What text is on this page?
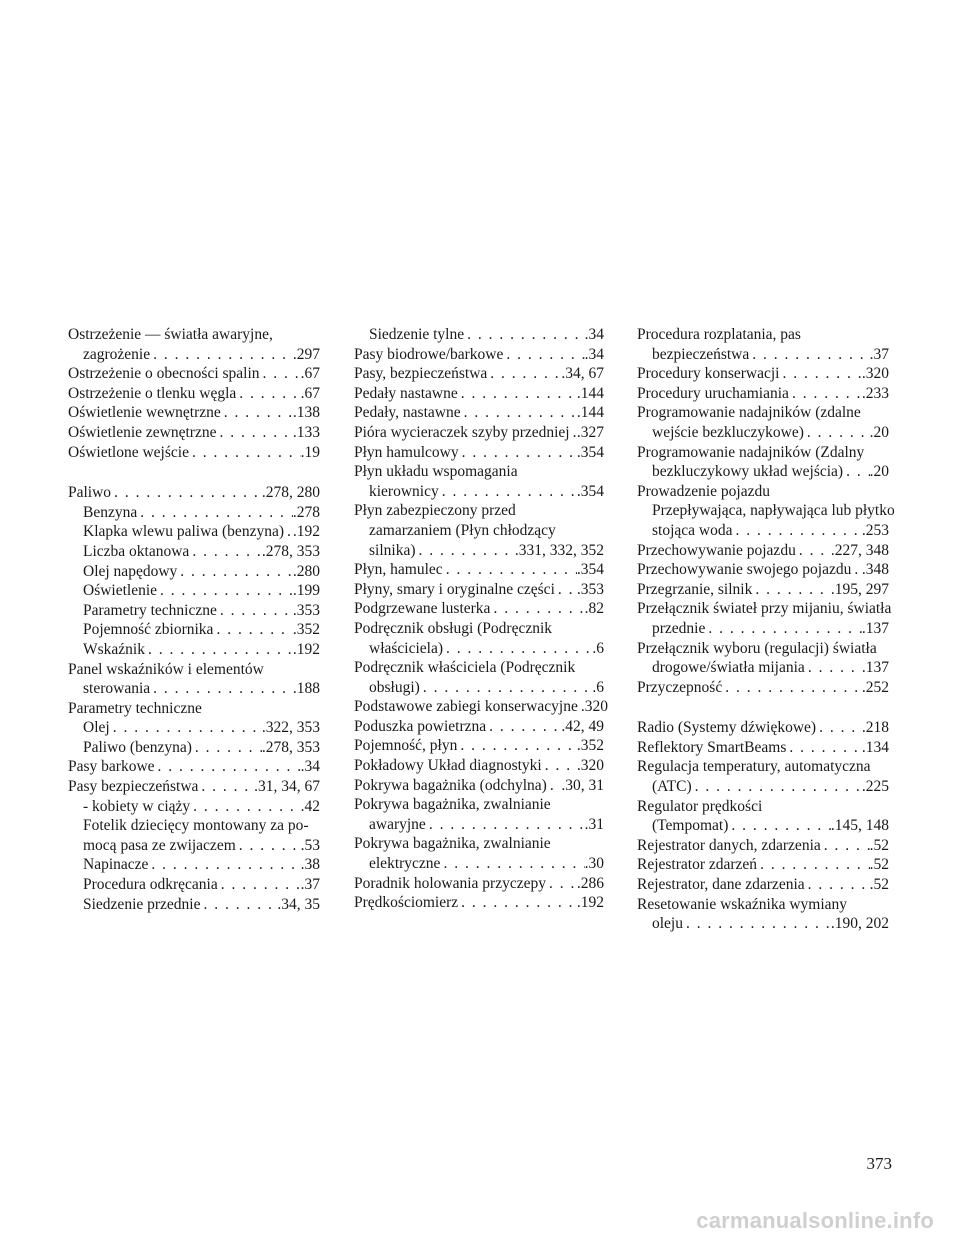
Ostrzeżenie — światła awaryjne,
zagrożenie . . .	.297
Ostrzeżenie o obecności spalin . . .	.67
Ostrzeżenie o tlenku węgla . . .	.67
Oświetlenie wewnętrzne . . .	.138
Oświetlenie zewnętrzne . . .	.133
Oświetlone wejście . . .	.19
Paliwo . . .	.278, 280
Benzyna . . .	.278
Klapka wlewu paliwa (benzyna) . . . .192
Liczba oktanowa . . .	.278, 353
Olej napędowy . . .	.280
Oświetlenie . . .	.199
Parametry techniczne . . .	.353
Pojemność zbiornika . . .	.352
Wskaźnik . . .	.192
Panel wskaźników i elementów
sterowania . . .	.188
Parametry techniczne
Olej . . .	.322, 353
Paliwo (benzyna) . . .	.278, 353
Pasy barkowe . . .	.34
Pasy bezpieczeństwa . . .	.31, 34, 67
- kobiety w ciąży . . .	.42
Fotelik dziecięcy montowany za po-
mocą pasa ze zwijaczem . . .	.53
Napinacze . . .	.38
Procedura odkręcania . . .	.37
Siedzenie przednie . . .	.34, 35
Siedzenie tylne . . .	.34
Pasy biodrowe/barkowe . . .	.34
Pasy, bezpieczeństwa . . .	.34, 67
Pedały nastawne . . .	.144
Pedały, nastawne . . .	.144
Pióra wycieraczek szyby przedniej . . . .327
Płyn hamulcowy . . .	.354
Płyn układu wspomagania
kierownicy . . .	.354
Płyn zabezpieczony przed
zamarzaniem (Płyn chłodzący
silnika) . . .	.331, 332, 352
Płyn, hamulec . . .	.354
Płyny, smary i oryginalne części . . . .353
Podgrzewane lusterka . . .	.82
Podręcznik obsługi (Podręcznik
właściciela) . . .	.6
Podręcznik właściciela (Podręcznik
obsługi) . . .	.6
Podstawowe zabiegi konserwacyjne . . . .320
Poduszka powietrzna . . .	.42, 49
Pojemność, płyn . . .	.352
Pokładowy Układ diagnostyki . . . .320
Pokrywa bagażnika (odchylna) . . . .30, 31
Pokrywa bagażnika, zwalnianie
awaryjne . . .	.31
Pokrywa bagażnika, zwalnianie
elektryczne . . .	.30
Poradnik holowania przyczepy . . . .286
Prędkościomierz . . .	.192
Procedura rozplatania, pas
bezpieczeństwa . . .	.37
Procedury konserwacji . . .	.320
Procedury uruchamiania . . .	.233
Programowanie nadajników (zdalne
wejście bezkluczykowe) . . .	.20
Programowanie nadajników (Zdalny
bezkluczykowy układ wejścia) . . . .20
Prowadzenie pojazdu
Przepływająca, napływająca lub płytko
stojąca woda . . .	.253
Przechowywanie pojazdu . . . .227, 348
Przechowywanie swojego pojazdu . . . .348
Przegrzanie, silnik . . .	.195, 297
Przełącznik świateł przy mijaniu, światła
przednie . . .	.137
Przełącznik wyboru (regulacji) światła
drogowe/światła mijania . . .	.137
Przyczepność . . .	.252
Radio (Systemy dźwiękowe) . . .	.218
Reflektory SmartBeams . . .	.134
Regulacja temperatury, automatyczna
(ATC) . . .	.225
Regulator prędkości
(Tempomat) . . .	.145, 148
Rejestrator danych, zdarzenia . . .	.52
Rejestrator zdarzeń . . .	.52
Rejestrator, dane zdarzenia . . .	.52
Resetowanie wskaźnika wymiany
oleju . . .	.190, 202
373
carmanualsonline.info
